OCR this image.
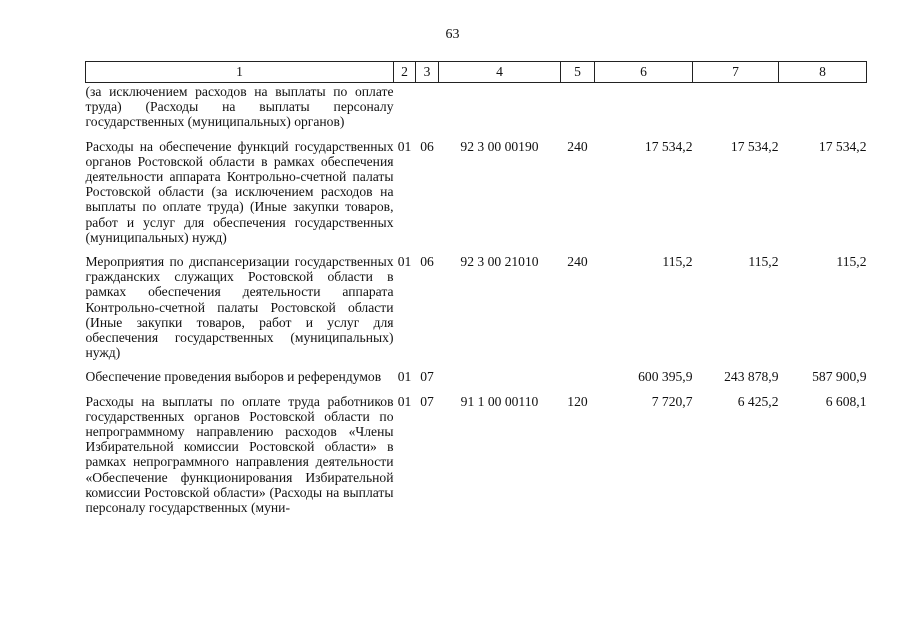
63
1	2	3	4	5	6	7	8
(за исключением расходов на выплаты по оплате труда) (Расходы на выплаты персоналу государственных (муниципальных) органов)							

Расходы на обеспечение функций государственных органов Ростовской области в рамках обеспечения деятельности аппарата Контрольно-счетной палаты Ростовской области (за исключением расходов на выплаты по оплате труда) (Иные закупки товаров, работ и услуг для обеспечения государственных (муниципальных) нужд)	01	06	92 3 00 00190	240	17 534,2	17 534,2	17 534,2

Мероприятия по диспансеризации государственных гражданских служащих Ростовской области в рамках обеспечения деятельности аппарата Контрольно-счетной палаты Ростовской области (Иные закупки товаров, работ и услуг для обеспечения государственных (муниципальных) нужд)	01	06	92 3 00 21010	240	115,2	115,2	115,2

Обеспечение проведения выборов и референдумов	01	07			600 395,9	243 878,9	587 900,9

Расходы на выплаты по оплате труда работников государственных органов Ростовской области по непрограммному направлению расходов «Члены Избирательной комиссии Ростовской области» в рамках непрограммного направления деятельности «Обеспечение функционирования Избирательной комиссии Ростовской области» (Расходы на выплаты персоналу государственных (муни-	01	07	91 1 00 00110	120	7 720,7	6 425,2	6 608,1
